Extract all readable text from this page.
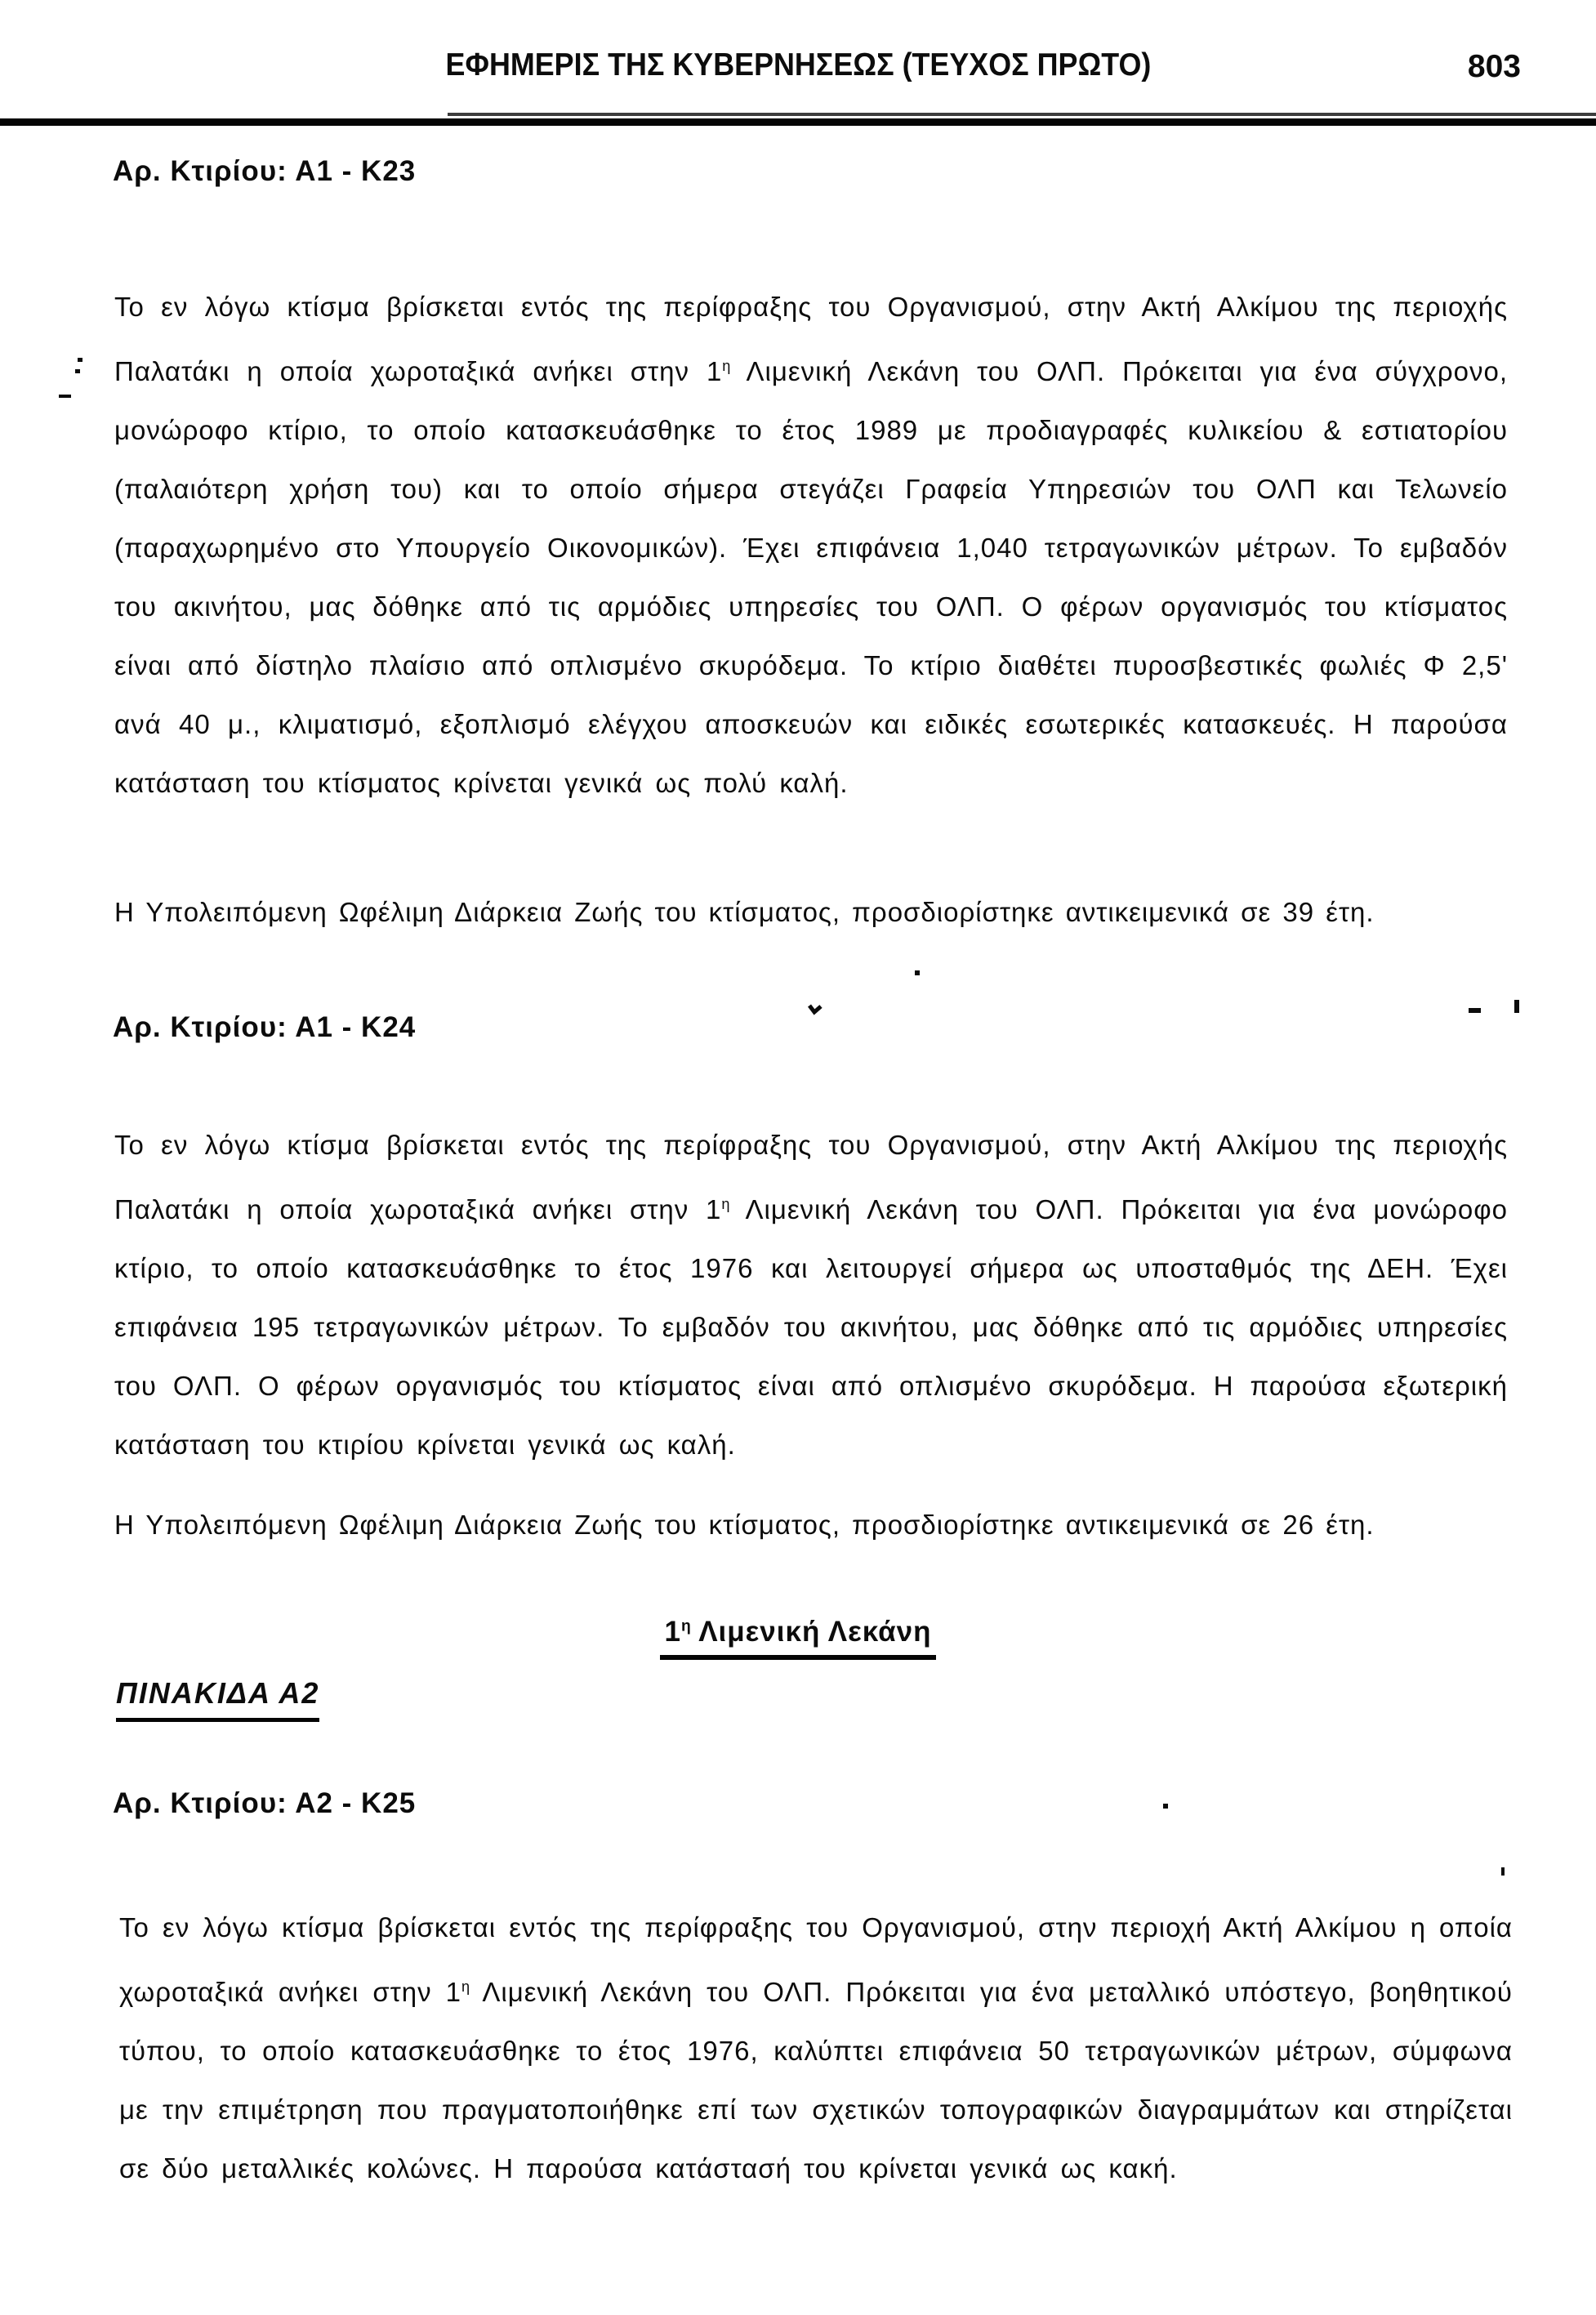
ΕΦΗΜΕΡΙΣ ΤΗΣ ΚΥΒΕΡΝΗΣΕΩΣ (ΤΕΥΧΟΣ ΠΡΩΤΟ)	803
Αρ. Κτιρίου: Α1 - Κ23
Το εν λόγω κτίσμα βρίσκεται εντός της περίφραξης του Οργανισμού, στην Ακτή Αλκίμου της περιοχής Παλατάκι η οποία χωροταξικά ανήκει στην $1^\eta$ Λιμενική Λεκάνη του ΟΛΠ. Πρόκειται για ένα σύγχρονο, μονώροφο κτίριο, το οποίο κατασκευάσθηκε το έτος 1989 με προδιαγραφές κυλικείου & εστιατορίου (παλαιότερη χρήση του) και το οποίο σήμερα στεγάζει Γραφεία Υπηρεσιών του ΟΛΠ και Τελωνείο (παραχωρημένο στο Υπουργείο Οικονομικών). Έχει επιφάνεια 1,040 τετραγωνικών μέτρων. Το εμβαδόν του ακινήτου, μας δόθηκε από τις αρμόδιες υπηρεσίες του ΟΛΠ. Ο φέρων οργανισμός του κτίσματος είναι από δίστηλο πλαίσιο από οπλισμένο σκυρόδεμα. Το κτίριο διαθέτει πυροσβεστικές φωλιές Φ 2,5' ανά 40 μ., κλιματισμό, εξοπλισμό ελέγχου αποσκευών και ειδικές εσωτερικές κατασκευές. Η παρούσα κατάσταση του κτίσματος κρίνεται γενικά ως πολύ καλή.
Η Υπολειπόμενη Ωφέλιμη Διάρκεια Ζωής του κτίσματος, προσδιορίστηκε αντικειμενικά σε 39 έτη.
Αρ. Κτιρίου: Α1 - Κ24
Το εν λόγω κτίσμα βρίσκεται εντός της περίφραξης του Οργανισμού, στην Ακτή Αλκίμου της περιοχής Παλατάκι η οποία χωροταξικά ανήκει στην $1^\eta$ Λιμενική Λεκάνη του ΟΛΠ. Πρόκειται για ένα μονώροφο κτίριο, το οποίο κατασκευάσθηκε το έτος 1976 και λειτουργεί σήμερα ως υποσταθμός της ΔΕΗ. Έχει επιφάνεια 195 τετραγωνικών μέτρων. Το εμβαδόν του ακινήτου, μας δόθηκε από τις αρμόδιες υπηρεσίες του ΟΛΠ. Ο φέρων οργανισμός του κτίσματος είναι από οπλισμένο σκυρόδεμα. Η παρούσα εξωτερική κατάσταση του κτιρίου κρίνεται γενικά ως καλή.
Η Υπολειπόμενη Ωφέλιμη Διάρκεια Ζωής του κτίσματος, προσδιορίστηκε αντικειμενικά σε 26 έτη.
$1^\eta$ Λιμενική Λεκάνη
ΠΙΝΑΚΙΔΑ Α2
Αρ. Κτιρίου: Α2 - Κ25
Το εν λόγω κτίσμα βρίσκεται εντός της περίφραξης του Οργανισμού, στην περιοχή Ακτή Αλκίμου η οποία χωροταξικά ανήκει στην $1^\eta$ Λιμενική Λεκάνη του ΟΛΠ. Πρόκειται για ένα μεταλλικό υπόστεγο, βοηθητικού τύπου, το οποίο κατασκευάσθηκε το έτος 1976, καλύπτει επιφάνεια 50 τετραγωνικών μέτρων, σύμφωνα με την επιμέτρηση που πραγματοποιήθηκε επί των σχετικών τοπογραφικών διαγραμμάτων και στηρίζεται σε δύο μεταλλικές κολώνες. Η παρούσα κατάστασή του κρίνεται γενικά ως κακή.
